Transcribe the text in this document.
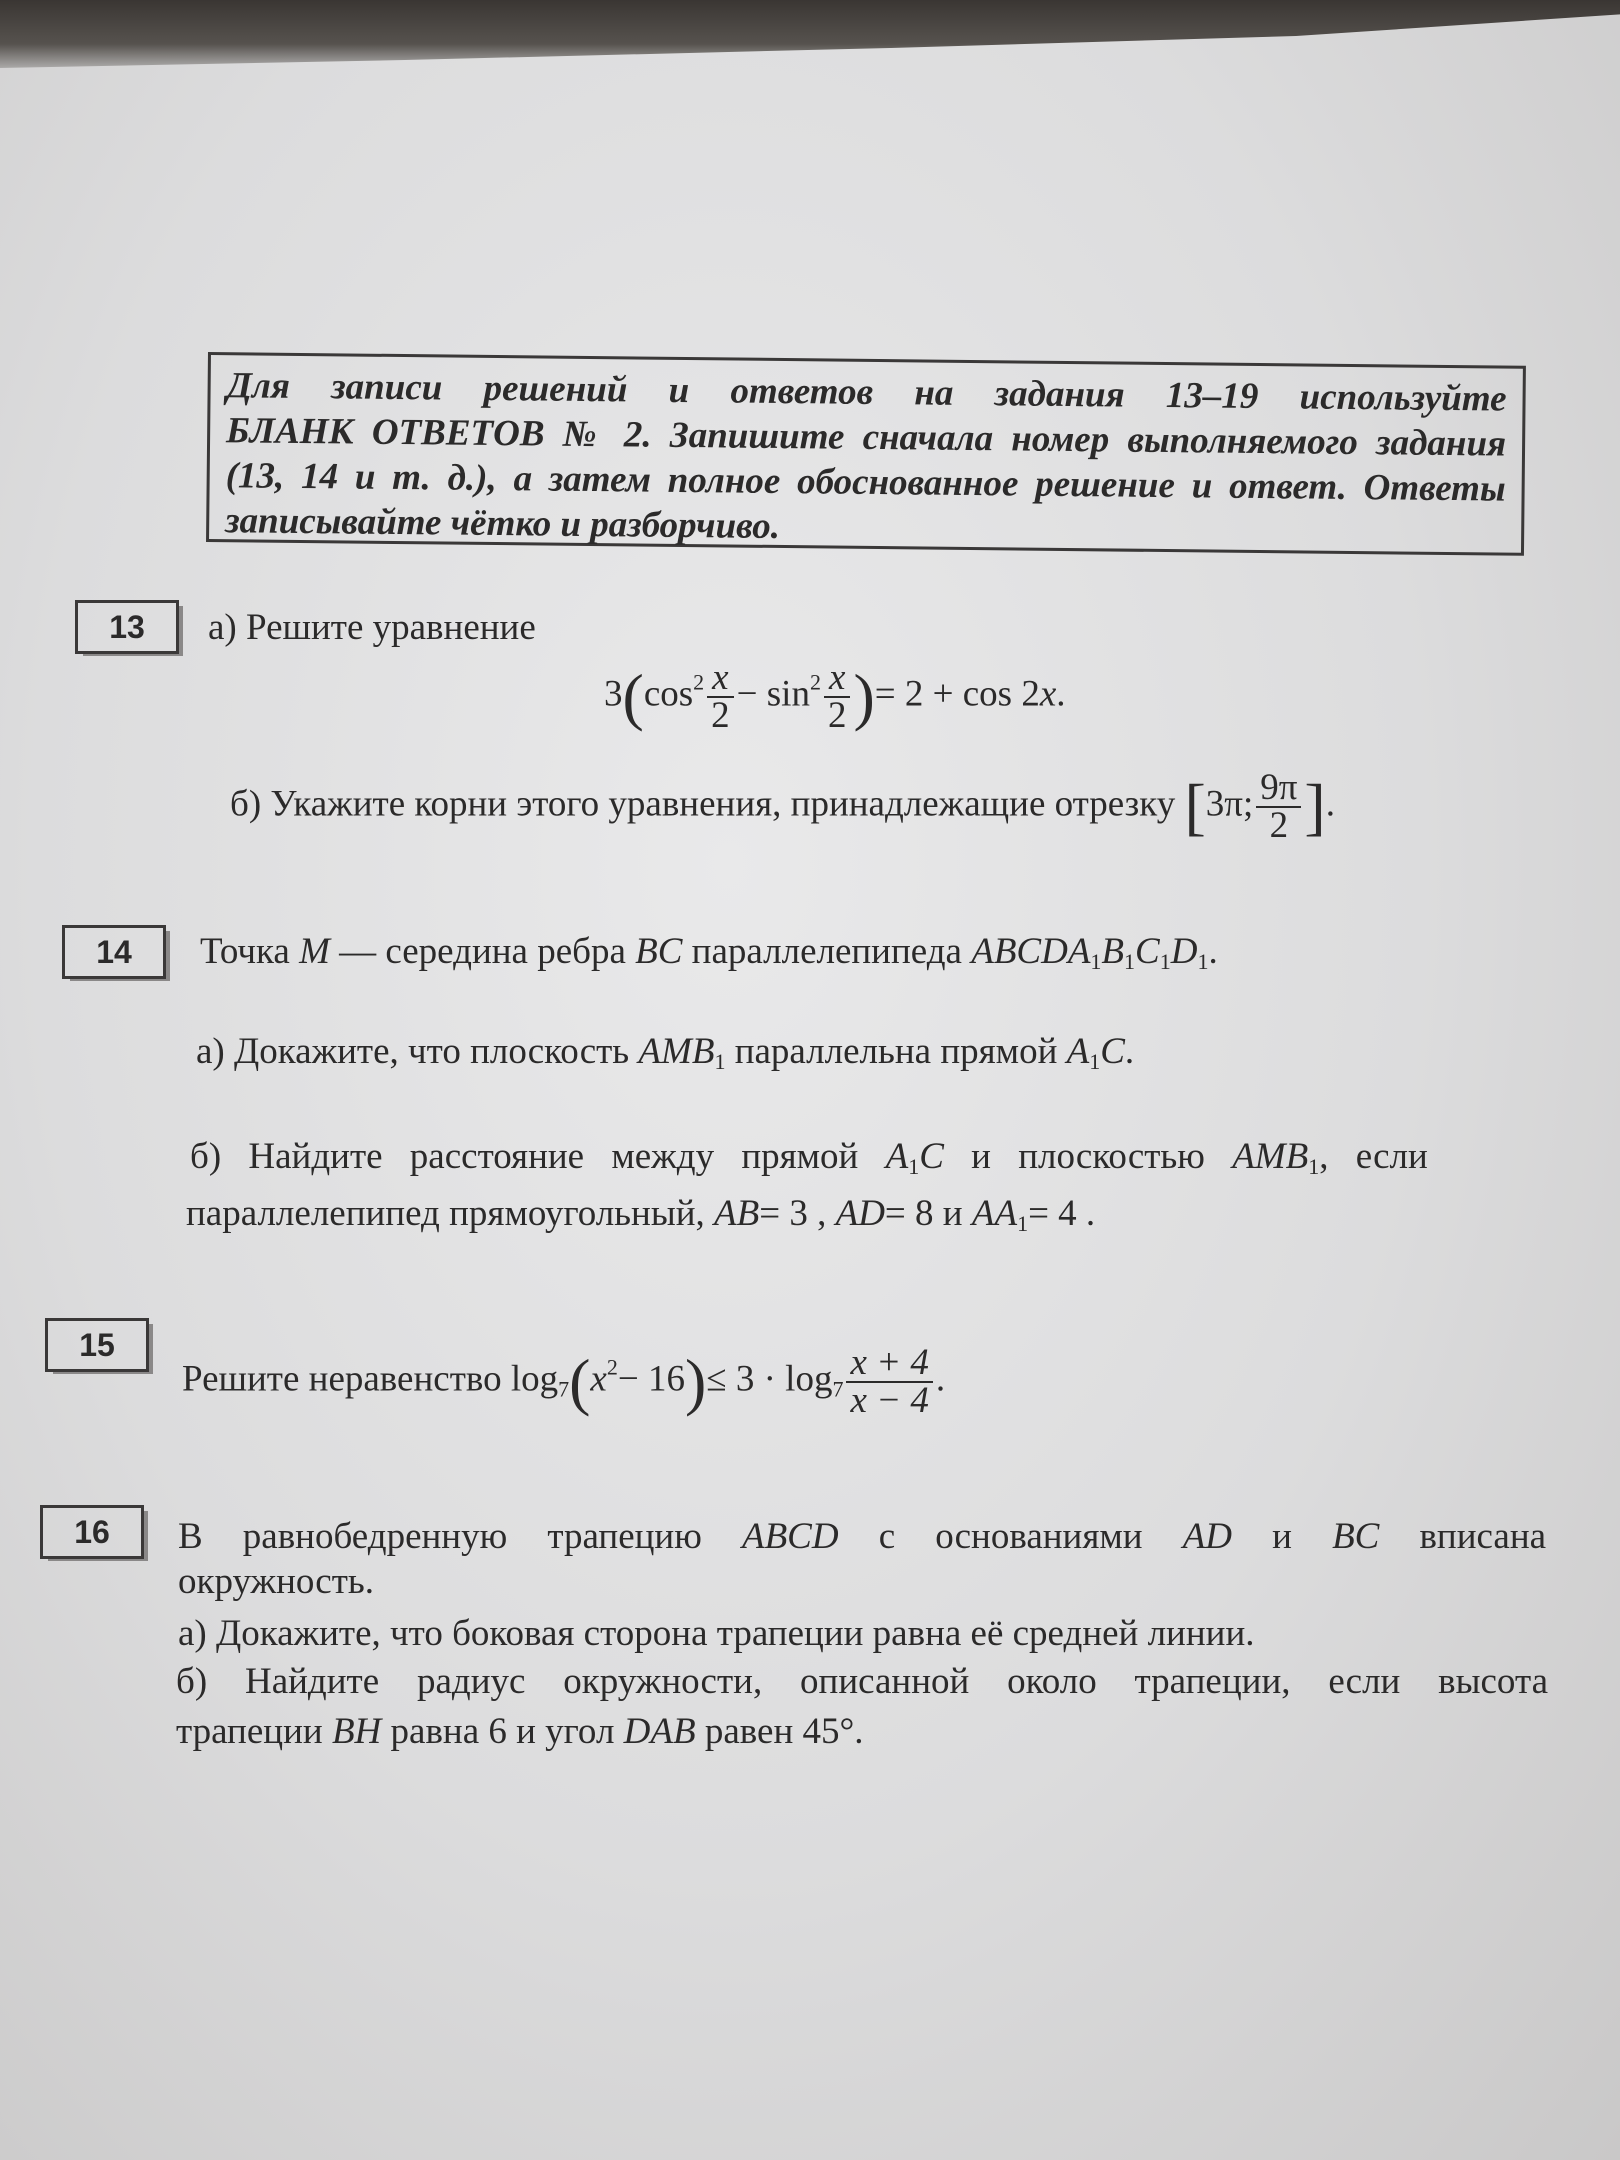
Для записи решений и ответов на задания 13–19 используйте
БЛАНК ОТВЕТОВ № 2. Запишите сначала номер выполняемого задания
(13, 14 и т. д.), а затем полное обоснованное решение и ответ. Ответы
записывайте чётко и разборчиво.
13	а) Решите уравнение
$3(\cos^2 \frac{x}{2} - \sin^2 \frac{x}{2}$ )= 2 + cos 2x.
б) Укажите корни этого уравнения, принадлежащие отрезку [3π; $\frac{9\pi}{2}$ ].
14	Точка M — середина ребра BC параллелепипеда $ABCDA_1B_1C_1D_1$.
а) Докажите, что плоскость $AMB_1$ параллельна прямой $A_1C$.
б) Найдите расстояние между прямой $A_1C$ и плоскостью $AMB_1$, если
параллелепипед прямоугольный, AB= 3 , AD= 8 и $AA_1= 4$ .
15
Решите неравенство $\log_7(x^2- 16)\le 3 \cdot \log_7 \frac{x + 4}{x - 4}$ .
16	В равнобедренную трапецию ABCD с основаниями AD и BC вписана
окружность.
а) Докажите, что боковая сторона трапеции равна её средней линии.
б) Найдите радиус окружности, описанной около трапеции, если высота
трапеции BH равна 6 и угол DAB равен 45°.
